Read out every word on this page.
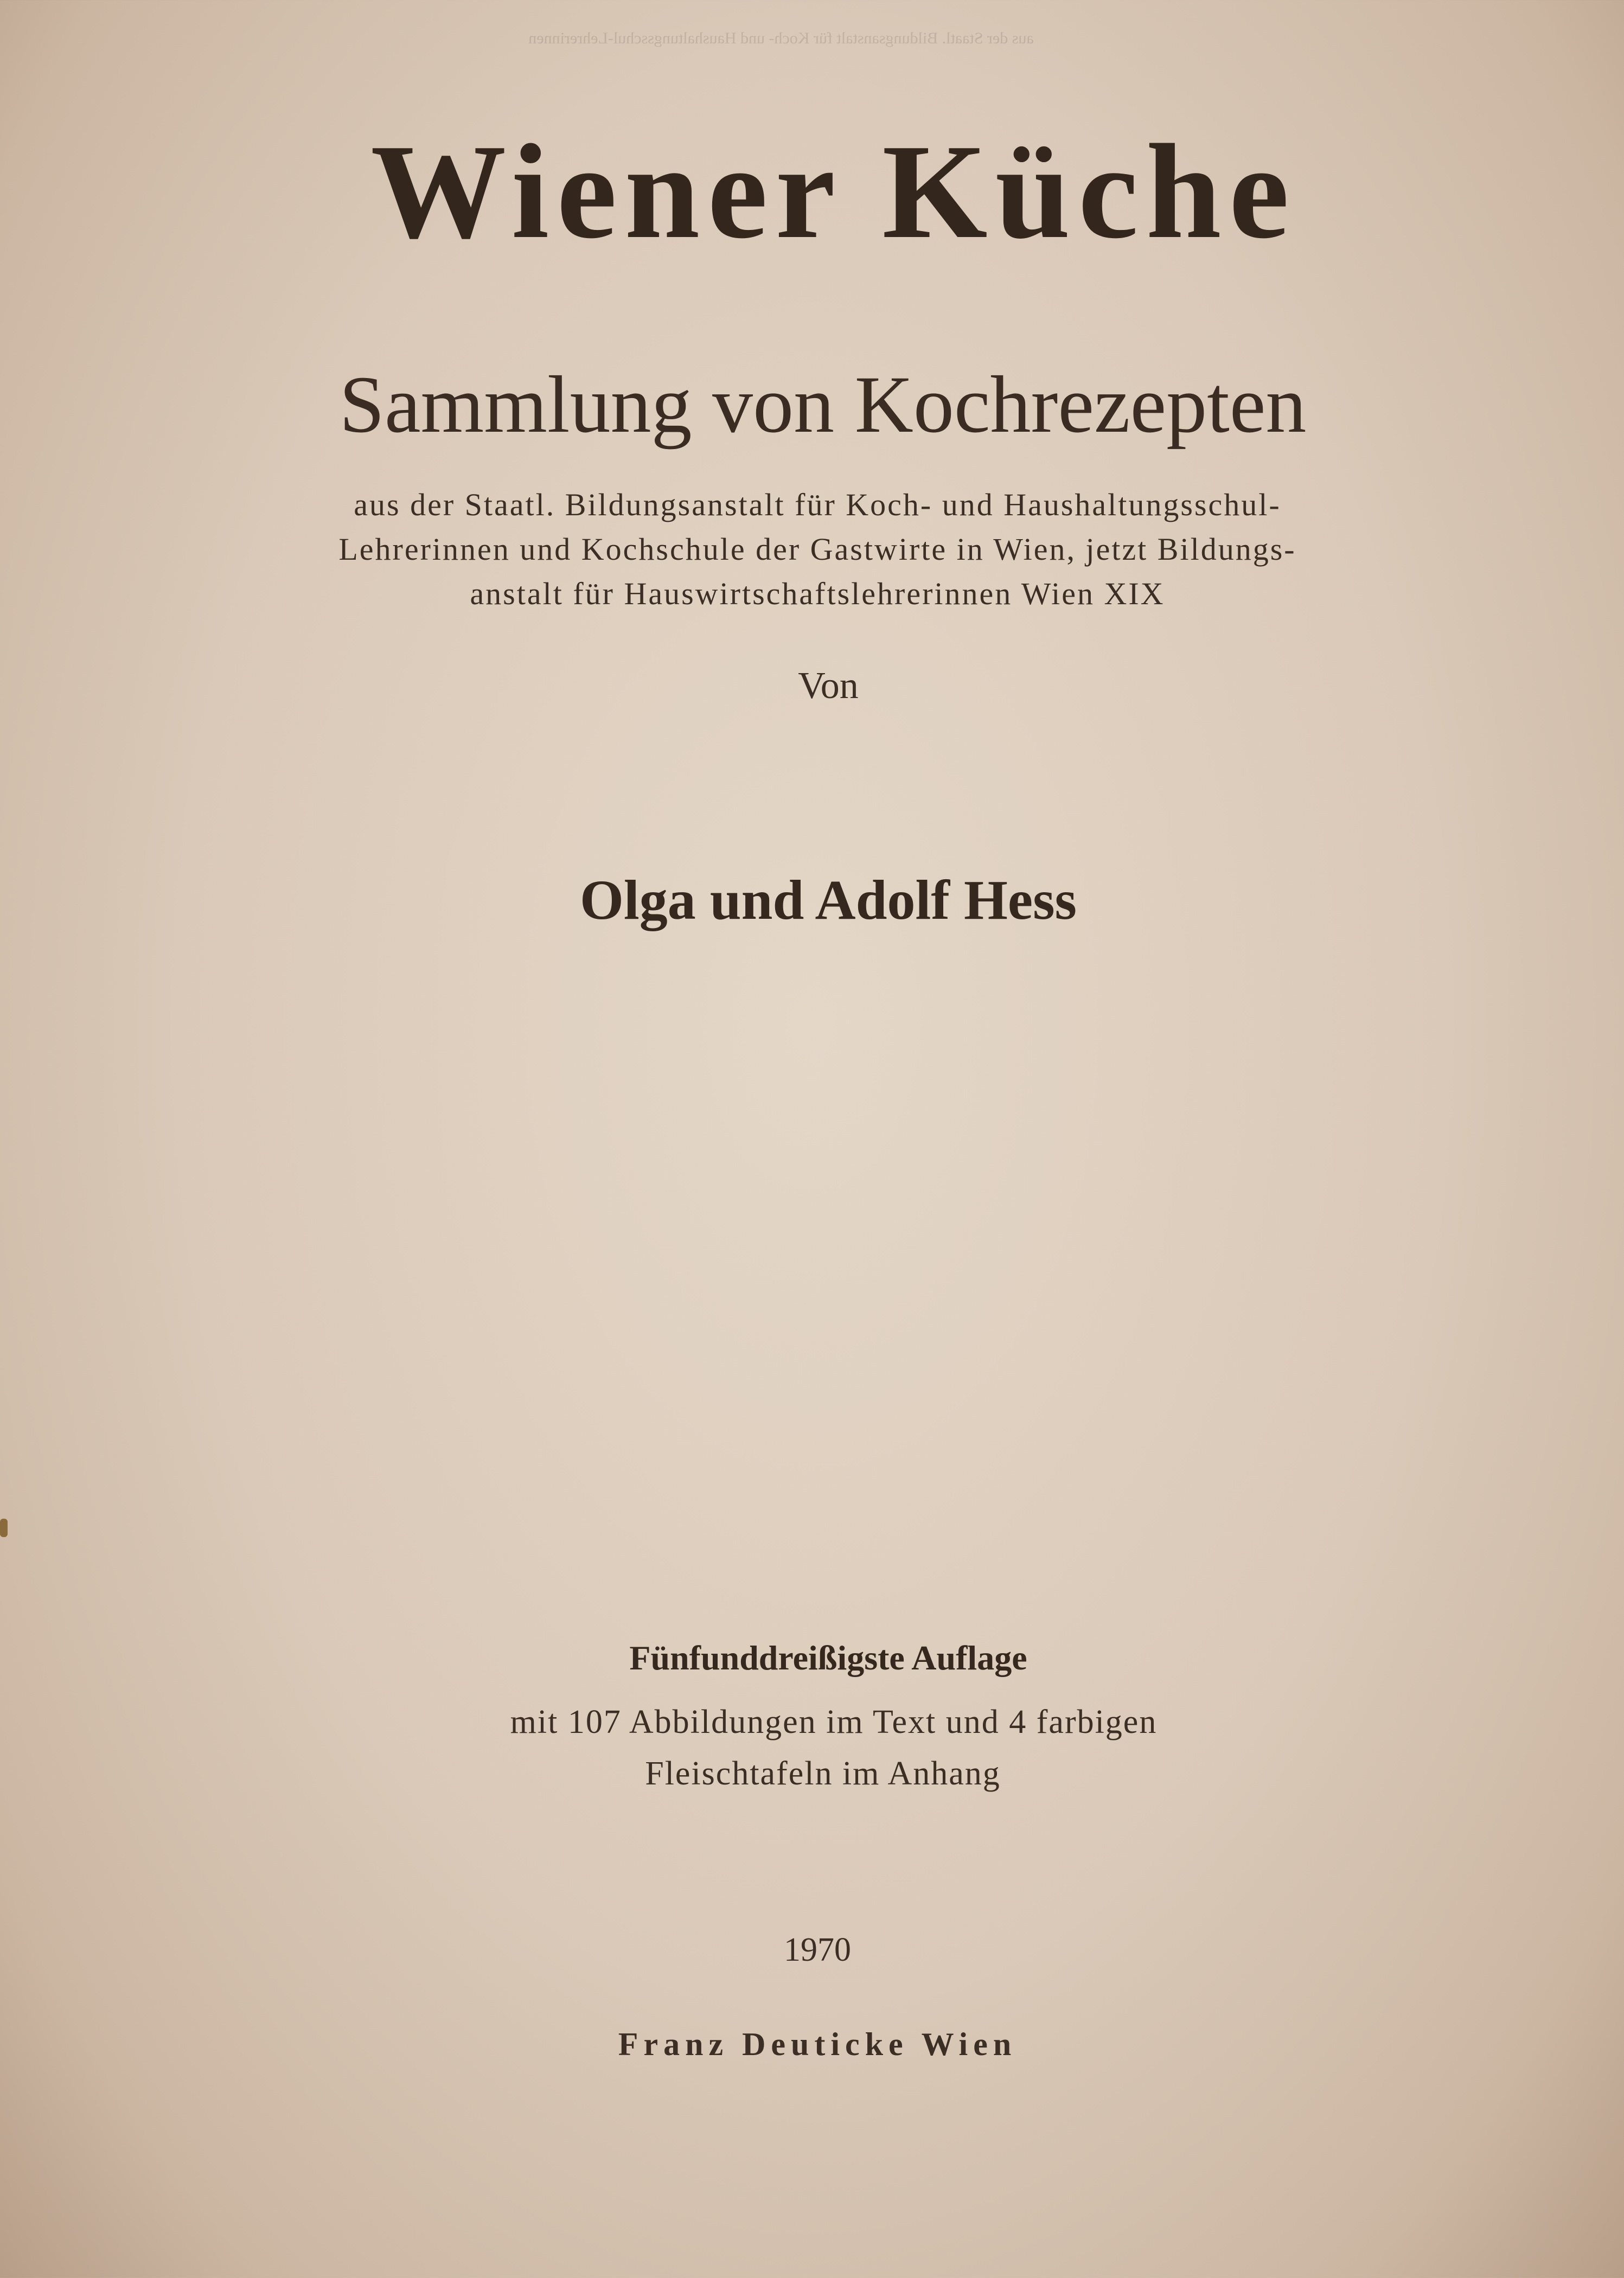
aus der Staatl. Bildungsanstalt für Koch- und Haushaltungsschul-Lehrerinnen
Wiener Küche
Sammlung von Kochrezepten
aus der Staatl. Bildungsanstalt für Koch- und Haushaltungsschul-
Lehrerinnen und Kochschule der Gastwirte in Wien, jetzt Bildungs-
anstalt für Hauswirtschaftslehrerinnen Wien XIX
Von
Olga und Adolf Hess
Fünfunddreißigste Auflage
mit 107 Abbildungen im Text und 4 farbigen
Fleischtafeln im Anhang
1970
Franz Deuticke Wien
